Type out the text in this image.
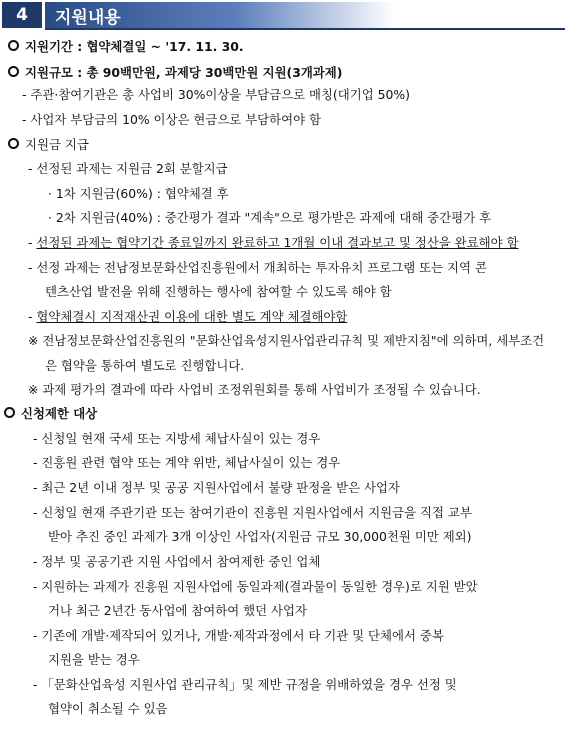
4	지원내용
지원기간 : 협약체결일 ~ '17. 11. 30.
지원규모 : 총 90백만원, 과제당 30백만원 지원(3개과제)
- 주관·참여기관은 총 사업비 30%이상을 부담금으로 매칭(대기업 50%)
- 사업자 부담금의 10% 이상은 현금으로 부담하여야 함
지원금 지급
- 선정된 과제는 지원금 2회 분할지급
· 1차 지원금(60%) : 협약체결 후
· 2차 지원금(40%) : 중간평가 결과 "계속"으로 평가받은 과제에 대해 중간평가 후
- 선정된 과제는 협약기간 종료일까지 완료하고 1개월 이내 결과보고 및 정산을 완료해야 함
- 선정 과제는 전남정보문화산업진흥원에서 개최하는 투자유치 프로그램 또는 지역 콘
텐츠산업 발전을 위해 진행하는 행사에 참여할 수 있도록 해야 함
- 협약체결시 지적재산권 이용에 대한 별도 계약 체결해야함
※ 전남정보문화산업진흥원의 "문화산업육성지원사업관리규칙 및 제반지침"에 의하며, 세부조건
은 협약을 통하여 별도로 진행합니다.
※ 과제 평가의 결과에 따라 사업비 조정위원회를 통해 사업비가 조정될 수 있습니다.
신청제한 대상
- 신청일 현재 국세 또는 지방세 체납사실이 있는 경우
- 진흥원 관련 협약 또는 계약 위반, 체납사실이 있는 경우
- 최근 2년 이내 정부 및 공공 지원사업에서 불량 판정을 받은 사업자
- 신청일 현재 주관기관 또는 참여기관이 진흥원 지원사업에서 지원금을 직접 교부
받아 추진 중인 과제가 3개 이상인 사업자(지원금 규모 30,000천원 미만 제외)
- 정부 및 공공기관 지원 사업에서 참여제한 중인 업체
- 지원하는 과제가 진흥원 지원사업에 동일과제(결과물이 동일한 경우)로 지원 받았
거나 최근 2년간 동사업에 참여하여 했던 사업자
- 기존에 개발·제작되어 있거나, 개발·제작과정에서 타 기관 및 단체에서 중복
지원을 받는 경우
- 「문화산업육성 지원사업 관리규칙」및 제반 규정을 위배하였을 경우 선정 및
협약이 취소될 수 있음
